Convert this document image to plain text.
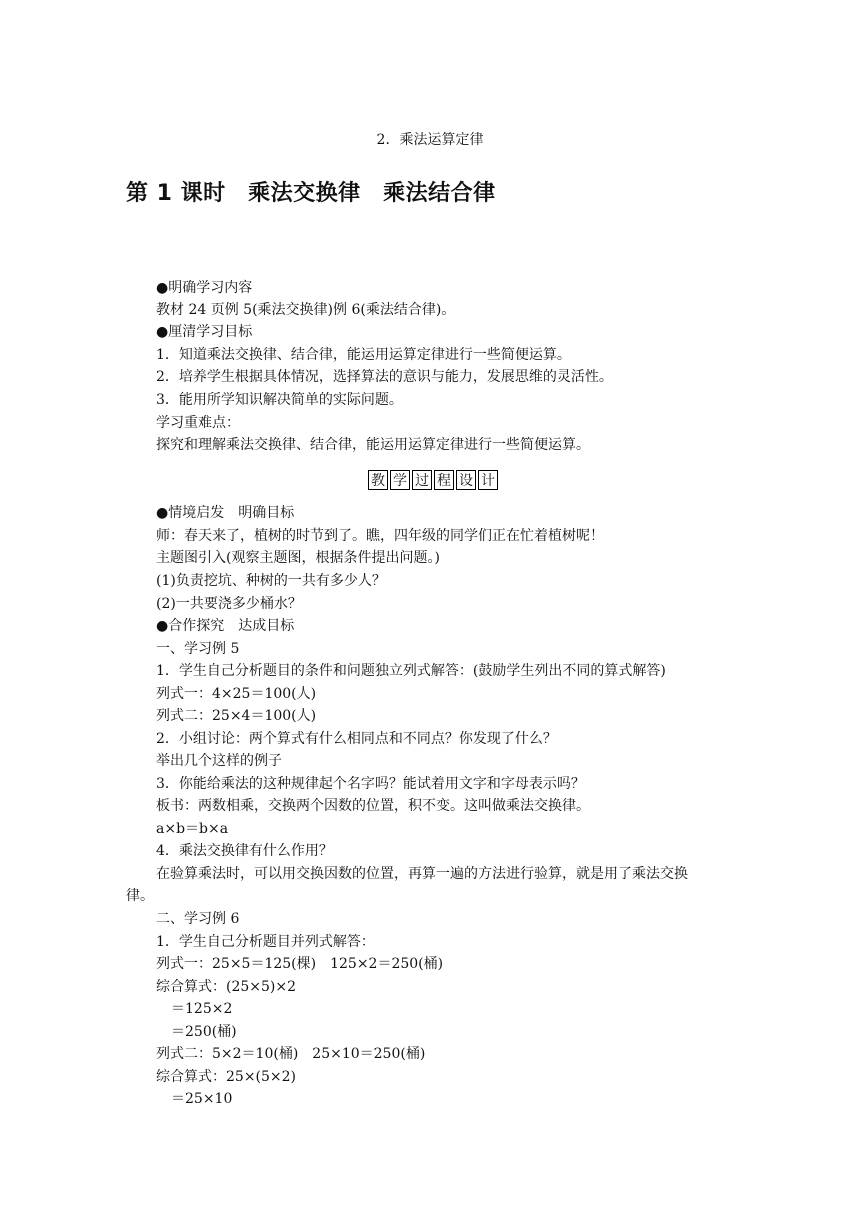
2．乘法运算定律
第 1 课时　乘法交换律　乘法结合律
●明确学习内容
教材 24 页例 5(乘法交换律)例 6(乘法结合律)。
●厘清学习目标
1．知道乘法交换律、结合律，能运用运算定律进行一些简便运算。
2．培养学生根据具体情况，选择算法的意识与能力，发展思维的灵活性。
3．能用所学知识解决简单的实际问题。
学习重难点：
探究和理解乘法交换律、结合律，能运用运算定律进行一些简便运算。
教 学 过 程 设 计
●情境启发　明确目标
师：春天来了，植树的时节到了。瞧，四年级的同学们正在忙着植树呢！
主题图引入(观察主题图，根据条件提出问题。)
(1)负责挖坑、种树的一共有多少人？
(2)一共要浇多少桶水？
●合作探究　达成目标
一、学习例 5
1．学生自己分析题目的条件和问题独立列式解答：(鼓励学生列出不同的算式解答)
列式一：4×25＝100(人)
列式二：25×4＝100(人)
2．小组讨论：两个算式有什么相同点和不同点？你发现了什么？
举出几个这样的例子
3．你能给乘法的这种规律起个名字吗？能试着用文字和字母表示吗？
板书：两数相乘，交换两个因数的位置，积不变。这叫做乘法交换律。
a×b＝b×a
4．乘法交换律有什么作用？
在验算乘法时，可以用交换因数的位置，再算一遍的方法进行验算，就是用了乘法交换
律。
二、学习例 6
1．学生自己分析题目并列式解答：
列式一：25×5＝125(棵)　125×2＝250(桶)
综合算式：(25×5)×2
＝125×2
＝250(桶)
列式二：5×2＝10(桶)　25×10＝250(桶)
综合算式：25×(5×2)
＝25×10
